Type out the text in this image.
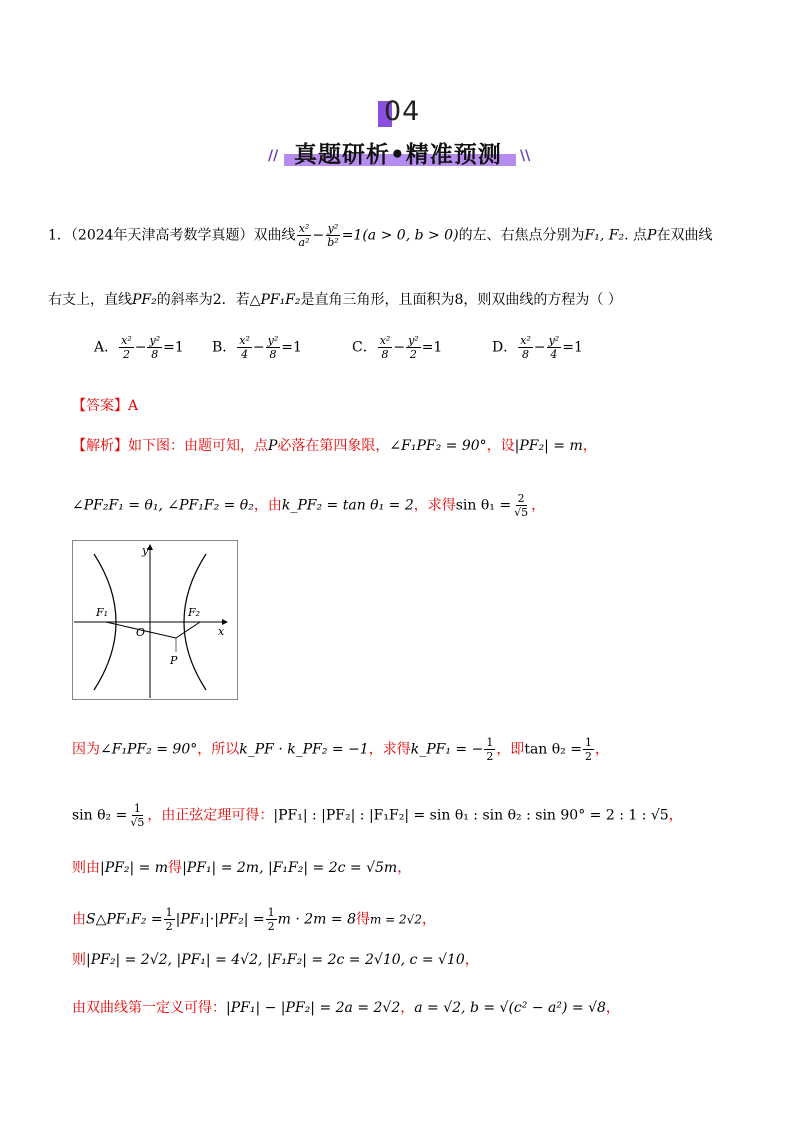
04
真题研析•精准预测
//	\\
1．（2024年天津高考数学真题）双曲线 $\frac{\text{x²}}{\text{a²}} - \frac{\text{y²}}{\text{b²}} =1(a > 0$, b > 0)的左、右焦点分别为F₁, F₂. 点P在双曲线
右支上，直线PF₂的斜率为2．若△PF₁F₂是直角三角形，且面积为8，则双曲线的方程为（ ）
A． $\frac{\text{x²}}{2} - \frac{\text{y²}}{8} =1$ B． $\frac{\text{x²}}{4} - \frac{\text{y²}}{8} =1$	C． $\frac{\text{x²}}{8} - \frac{\text{y²}}{2} =1$	D． $\frac{\text{x²}}{8} - \frac{\text{y²}}{4} =1$
【答案】A
【解析】如下图：由题可知，点P必落在第四象限，∠F₁PF₂ = 90°，设|PF₂| = m，
∠PF₂F₁ = θ₁, ∠PF₁F₂ = θ₂，由k_PF₂ = tan θ₁ = 2，求得$\sin \theta_1 = \frac{2}{√5}$ ，
y
x
F₁	F₂
O
P
因为∠F₁PF₂ = 90°，所以k_PF · k_PF₂ = −1，求得k_PF₁ = − $\frac{1}{2}$ ，即$\tan \theta_2 = \frac{1}{2}$ ，
$\sin \theta_2 = \frac{1}{√5}$ ，由正弦定理可得：|PF₁| : |PF₂| : |F₁F₂| = sin θ₁ : sin θ₂ : sin 90° = 2 : 1 : √5，
则由|PF₂| = m得|PF₁| = 2m, |F₁F₂| = 2c = √5m，
由S△PF₁F₂ = $\frac{1}{2} |PF_1|\cdot|PF_2| = \frac{1}{2}$ m · 2m = 8得m = 2√2，
则|PF₂| = 2√2, |PF₁| = 4√2, |F₁F₂| = 2c = 2√10, c = √10，
由双曲线第一定义可得：|PF₁| − |PF₂| = 2a = 2√2，a = √2, b = √(c² − a²) = √8，
